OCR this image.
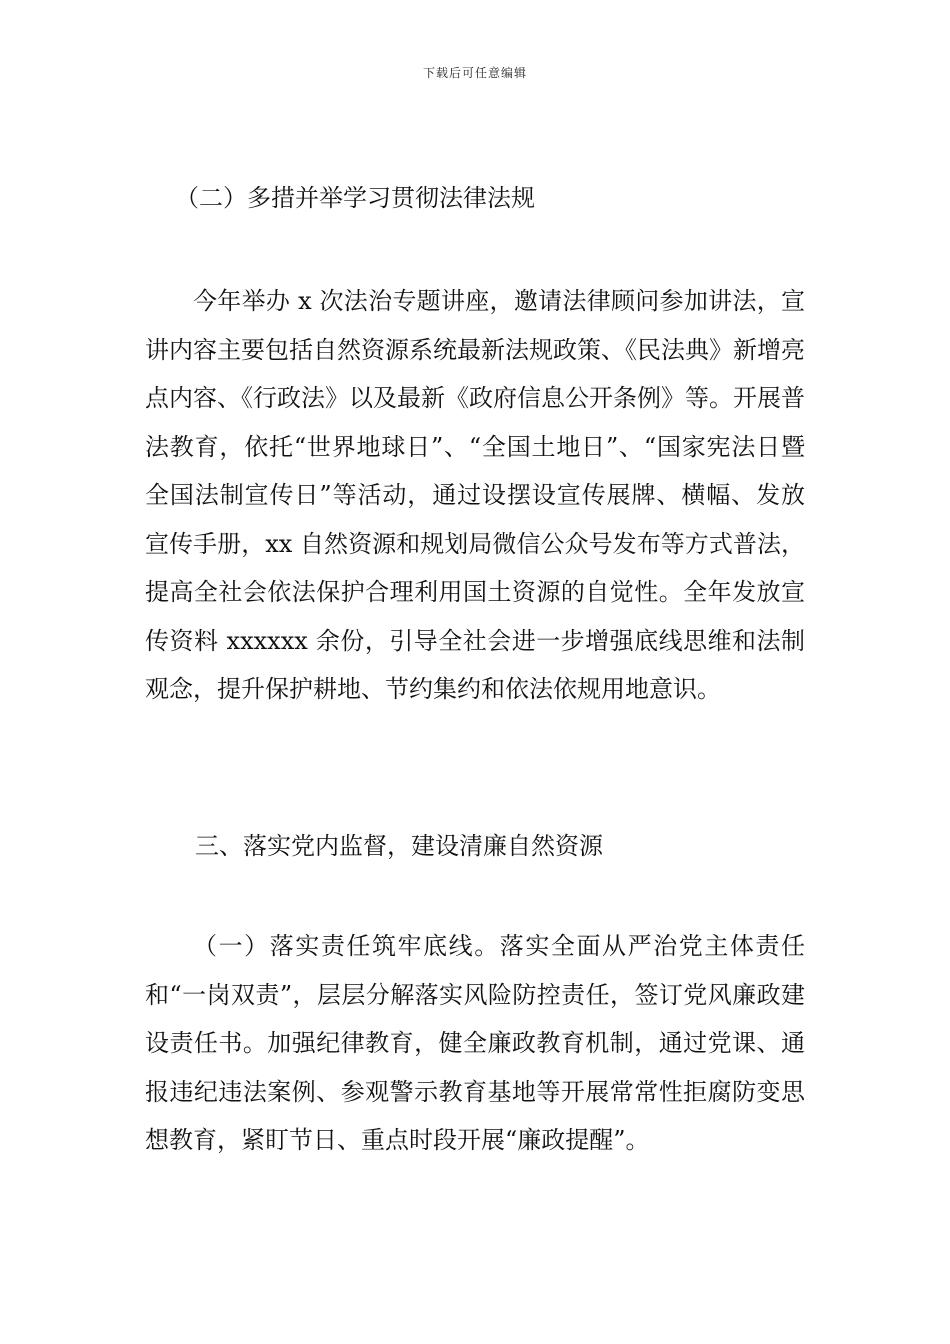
下载后可任意编辑
（二）多措并举学习贯彻法律法规
今年举办 x 次法治专题讲座，邀请法律顾问参加讲法，宣讲内容主要包括自然资源系统最新法规政策、《民法典》新增亮点内容、《行政法》以及最新《政府信息公开条例》等。开展普法教育，依托“世界地球日”、“全国土地日”、“国家宪法日暨全国法制宣传日”等活动，通过设摆设宣传展牌、横幅、发放宣传手册，xx 自然资源和规划局微信公众号发布等方式普法，提高全社会依法保护合理利用国土资源的自觉性。全年发放宣传资料 xxxxxx 余份，引导全社会进一步增强底线思维和法制观念，提升保护耕地、节约集约和依法依规用地意识。
三、落实党内监督，建设清廉自然资源
（一）落实责任筑牢底线。落实全面从严治党主体责任和“一岗双责”，层层分解落实风险防控责任，签订党风廉政建设责任书。加强纪律教育，健全廉政教育机制，通过党课、通报违纪违法案例、参观警示教育基地等开展常常性拒腐防变思想教育，紧盯节日、重点时段开展“廉政提醒”。
